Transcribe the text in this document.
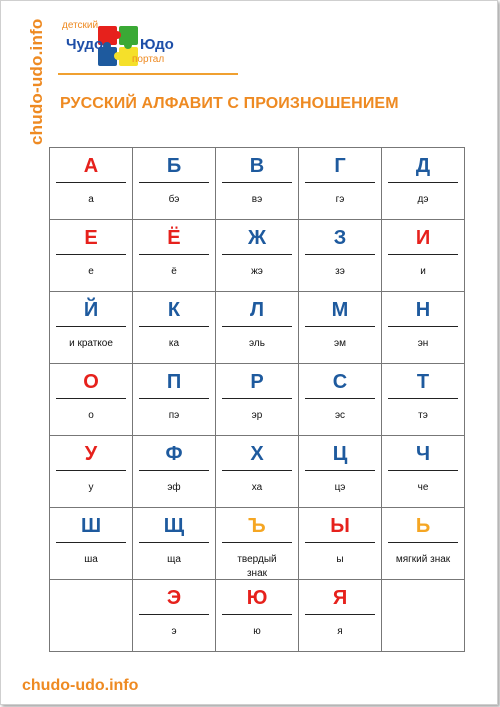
chudo-udo.info детский
Чудо Юдо
портал
РУССКИЙ АЛФАВИТ С ПРОИЗНОШЕНИЕМ
А
а
Б
бэ
В
вэ
Г
гэ
Д
дэ
Е
е
Ё
ё
Ж
жэ
З
зэ
И
и
Й
и краткое
К
ка
Л
эль
М
эм
Н
эн
О
о
П
пэ
Р
эр
С
эс
Т
тэ
У
у
Ф
эф
Х
ха
Ц
цэ
Ч
че
Ш
ша
Щ
ща
Ъ
твердый знак
Ы
ы
Ь
мягкий знак
Э
э
Ю
ю
Я
я
chudo-udo.info
